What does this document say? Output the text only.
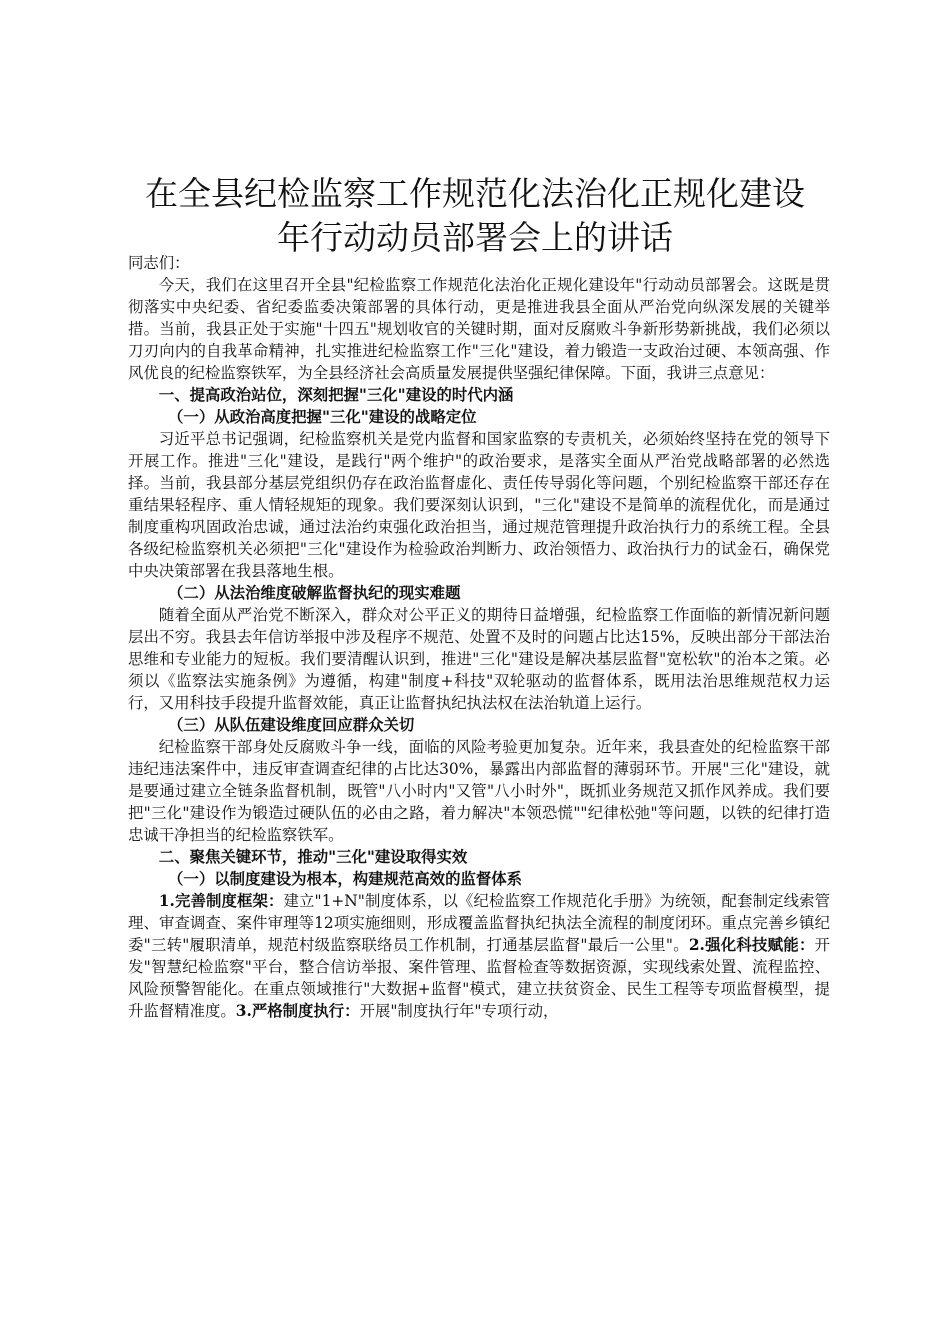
在全县纪检监察工作规范化法治化正规化建设
年行动动员部署会上的讲话

同志们：

今天，我们在这里召开全县"纪检监察工作规范化法治化正规化建设年"行动动员部署会。这既是贯彻落实中央纪委、省纪委监委决策部署的具体行动，更是推进我县全面从严治党向纵深发展的关键举措。当前，我县正处于实施"十四五"规划收官的关键时期，面对反腐败斗争新形势新挑战，我们必须以刀刃向内的自我革命精神，扎实推进纪检监察工作"三化"建设，着力锻造一支政治过硬、本领高强、作风优良的纪检监察铁军，为全县经济社会高质量发展提供坚强纪律保障。下面，我讲三点意见：

一、提高政治站位，深刻把握"三化"建设的时代内涵

（一）从政治高度把握"三化"建设的战略定位

习近平总书记强调，纪检监察机关是党内监督和国家监察的专责机关，必须始终坚持在党的领导下开展工作。推进"三化"建设，是践行"两个维护"的政治要求，是落实全面从严治党战略部署的必然选择。当前，我县部分基层党组织仍存在政治监督虚化、责任传导弱化等问题，个别纪检监察干部还存在重结果轻程序、重人情轻规矩的现象。我们要深刻认识到，"三化"建设不是简单的流程优化，而是通过制度重构巩固政治忠诚，通过法治约束强化政治担当，通过规范管理提升政治执行力的系统工程。全县各级纪检监察机关必须把"三化"建设作为检验政治判断力、政治领悟力、政治执行力的试金石，确保党中央决策部署在我县落地生根。

（二）从法治维度破解监督执纪的现实难题

随着全面从严治党不断深入，群众对公平正义的期待日益增强，纪检监察工作面临的新情况新问题层出不穷。我县去年信访举报中涉及程序不规范、处置不及时的问题占比达15%，反映出部分干部法治思维和专业能力的短板。我们要清醒认识到，推进"三化"建设是解决基层监督"宽松软"的治本之策。必须以《监察法实施条例》为遵循，构建"制度+科技"双轮驱动的监督体系，既用法治思维规范权力运行，又用科技手段提升监督效能，真正让监督执纪执法权在法治轨道上运行。

（三）从队伍建设维度回应群众关切

纪检监察干部身处反腐败斗争一线，面临的风险考验更加复杂。近年来，我县查处的纪检监察干部违纪违法案件中，违反审查调查纪律的占比达30%，暴露出内部监督的薄弱环节。开展"三化"建设，就是要通过建立全链条监督机制，既管"八小时内"又管"八小时外"，既抓业务规范又抓作风养成。我们要把"三化"建设作为锻造过硬队伍的必由之路，着力解决"本领恐慌""纪律松弛"等问题，以铁的纪律打造忠诚干净担当的纪检监察铁军。

二、聚焦关键环节，推动"三化"建设取得实效

（一）以制度建设为根本，构建规范高效的监督体系

1.完善制度框架：建立"1+N"制度体系，以《纪检监察工作规范化手册》为统领，配套制定线索管理、审查调查、案件审理等12项实施细则，形成覆盖监督执纪执法全流程的制度闭环。重点完善乡镇纪委"三转"履职清单，规范村级监察联络员工作机制，打通基层监督"最后一公里"。2.强化科技赋能：开发"智慧纪检监察"平台，整合信访举报、案件管理、监督检查等数据资源，实现线索处置、流程监控、风险预警智能化。在重点领域推行"大数据+监督"模式，建立扶贫资金、民生工程等专项监督模型，提升监督精准度。3.严格制度执行：开展"制度执行年"专项行动，
